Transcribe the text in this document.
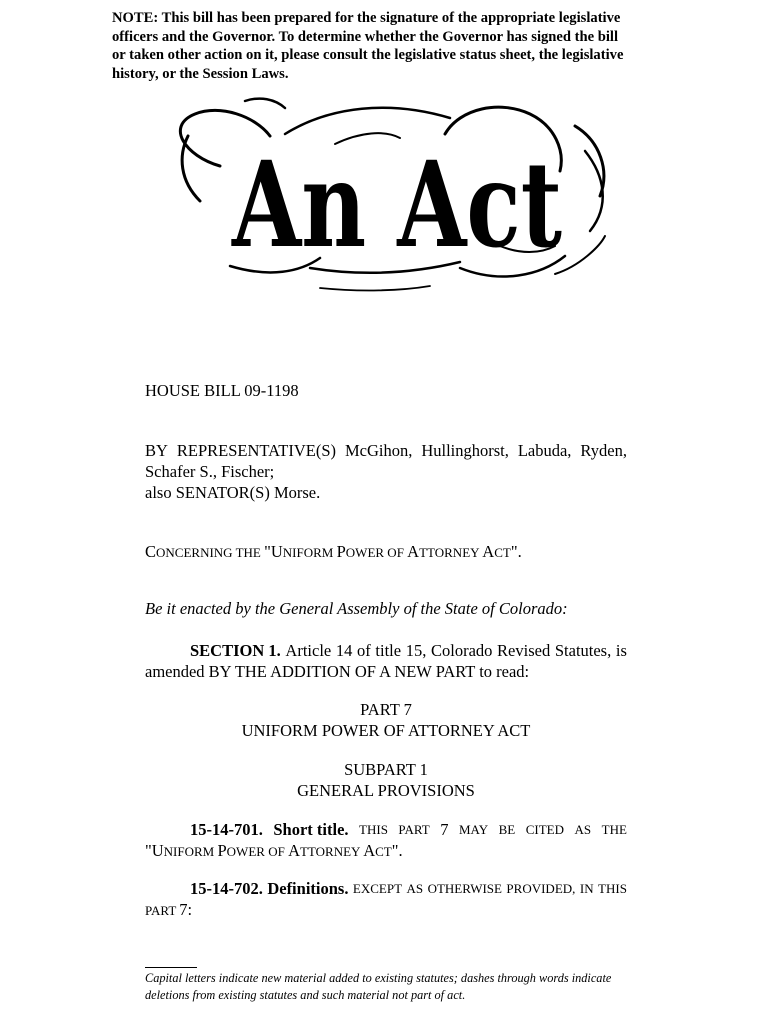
NOTE: This bill has been prepared for the signature of the appropriate legislative
officers and the Governor. To determine whether the Governor has signed the bill
or taken other action on it, please consult the legislative status sheet, the legislative
history, or the Session Laws.
An Act
HOUSE BILL 09-1198
BY REPRESENTATIVE(S) McGihon, Hullinghorst, Labuda, Ryden,
Schafer S., Fischer;
also SENATOR(S) Morse.
CONCERNING THE "UNIFORM POWER OF ATTORNEY ACT".
Be it enacted by the General Assembly of the State of Colorado:
SECTION 1. Article 14 of title 15, Colorado Revised Statutes, is
amended BY THE ADDITION OF A NEW PART to read:
PART 7
UNIFORM POWER OF ATTORNEY ACT
SUBPART 1
GENERAL PROVISIONS
15-14-701. Short title. THIS PART 7 MAY BE CITED AS THE
"UNIFORM POWER OF ATTORNEY ACT".
15-14-702. Definitions. EXCEPT AS OTHERWISE PROVIDED, IN THIS
PART 7:
Capital letters indicate new material added to existing statutes; dashes through words indicate
deletions from existing statutes and such material not part of act.
